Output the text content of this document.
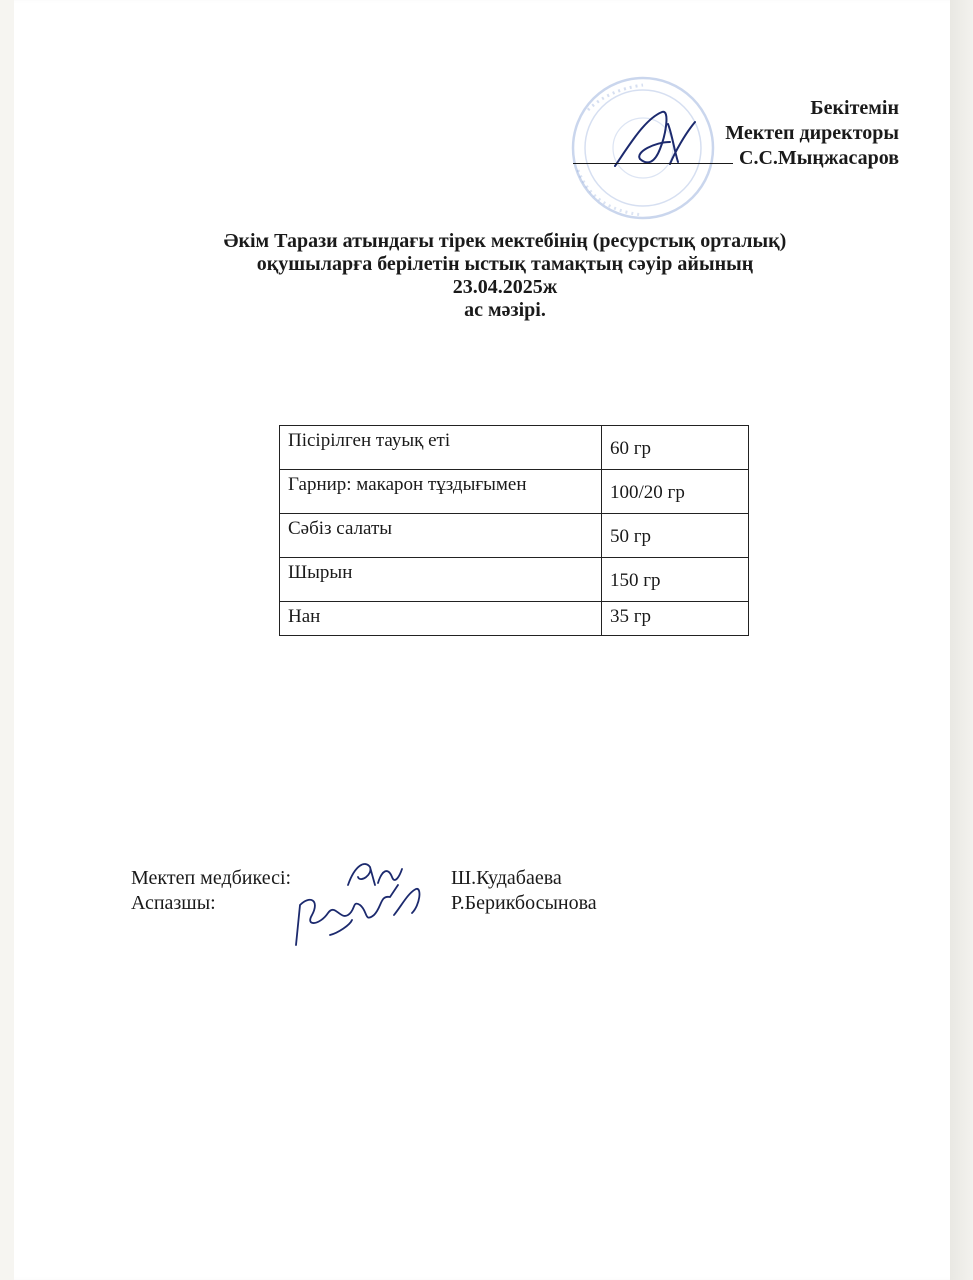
Бекітемін
Мектеп директоры
С.С.Мыңжасаров
Әкім Тарази атындағы тірек мектебінің (ресурстық орталық)
оқушыларға берілетін ыстық тамақтың сәуір айының
23.04.2025ж
ас мәзірі.
Пісірілген тауық еті	60 гр

Гарнир: макарон тұздығымен	100/20 гр

Сәбіз салаты	50 гр

Шырын	150 гр

Нан	35 гр
Мектеп медбикесі:	Ш.Кудабаева
Аспазшы:	Р.Берикбосынова
